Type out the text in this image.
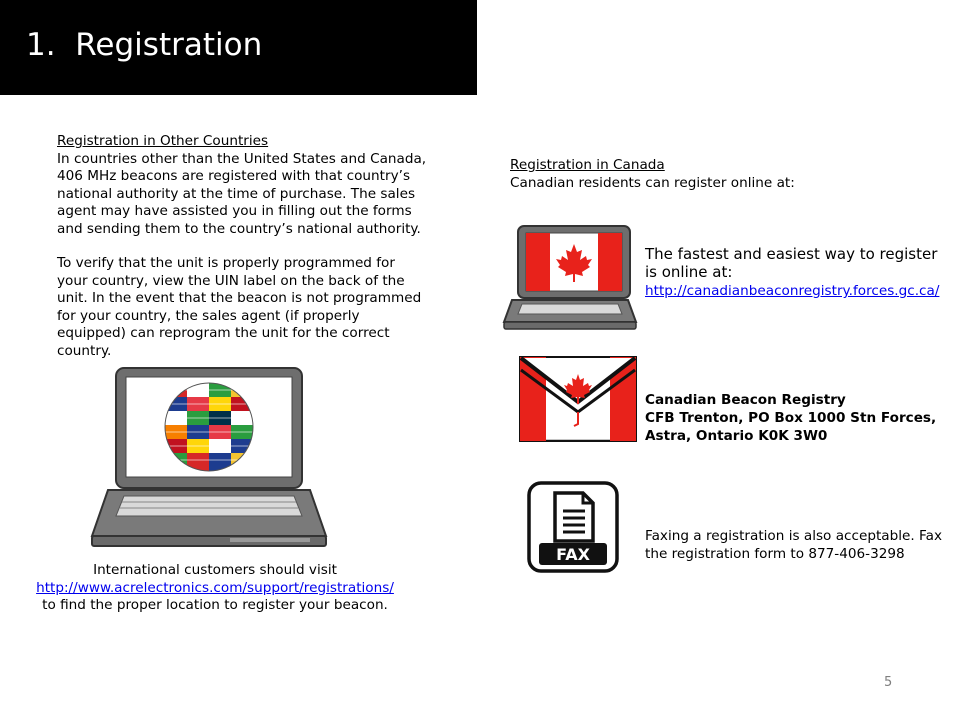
1.  Registration
Registration in Other Countries
In countries other than the United States and Canada, 406 MHz beacons are registered with that country’s national authority at the time of purchase. The sales agent may have assisted you in filling out the forms and sending them to the country’s national authority.
To verify that the unit is properly programmed for your country, view the UIN label on the back of the unit. In the event that the beacon is not programmed for your country, the sales agent (if properly equipped) can reprogram the unit for the correct country.
International customers should visit
http://www.acrelectronics.com/support/registrations/
to find the proper location to register your beacon.
Registration in Canada
Canadian residents can register online at:
The fastest and easiest way to register is online at:
http://canadianbeaconregistry.forces.gc.ca/
Canadian Beacon Registry
CFB Trenton, PO Box 1000 Stn Forces,
Astra, Ontario K0K 3W0
FAX
Faxing a registration is also acceptable. Fax the registration form to 877-406-3298
5
